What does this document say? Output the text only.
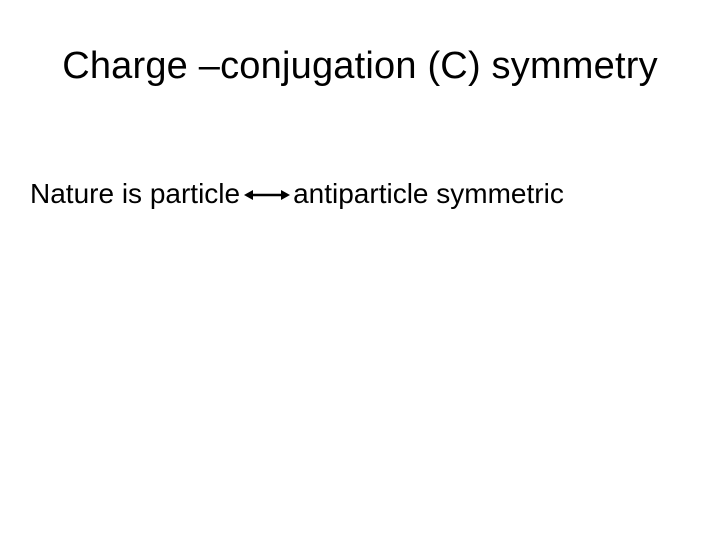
Charge –conjugation (C) symmetry
Nature is particle antiparticle symmetric
